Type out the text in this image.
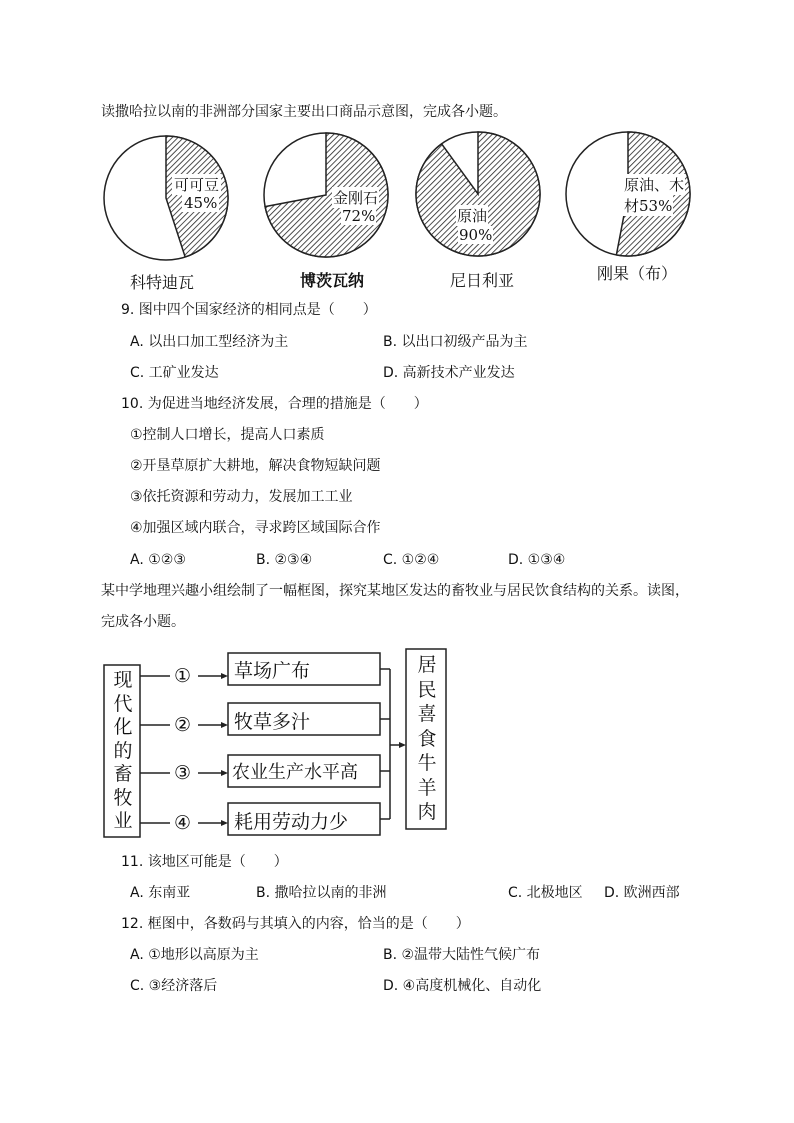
读撒哈拉以南的非洲部分国家主要出口商品示意图，完成各小题。
可可豆
45%	金刚石
72%	原油
90%
原油、木
材53%
科特迪瓦	博茨瓦纳	尼日利亚	刚果（布）
9. 图中四个国家经济的相同点是（　　）
A. 以出口加工型经济为主	B. 以出口初级产品为主
C. 工矿业发达	D. 高新技术产业发达
10. 为促进当地经济发展，合理的措施是（　　）
①控制人口增长，提高人口素质
②开垦草原扩大耕地，解决食物短缺问题
③依托资源和劳动力，发展加工工业
④加强区域内联合，寻求跨区域国际合作
A. ①②③	B. ②③④	C. ①②④	D. ①③④
某中学地理兴趣小组绘制了一幅框图，探究某地区发达的畜牧业与居民饮食结构的关系。读图，
完成各小题。
现
代
化
的
畜
牧
业
①
②
③
④
草场广布
牧草多汁
农业生产水平高
耗用劳动力少
居
民
喜
食
牛
羊
肉
11. 该地区可能是（　　）
A. 东南亚	B. 撒哈拉以南的非洲	C. 北极地区 D. 欧洲西部
12. 框图中，各数码与其填入的内容，恰当的是（　　）
A. ①地形以高原为主	B. ②温带大陆性气候广布
C. ③经济落后	D. ④高度机械化、自动化
